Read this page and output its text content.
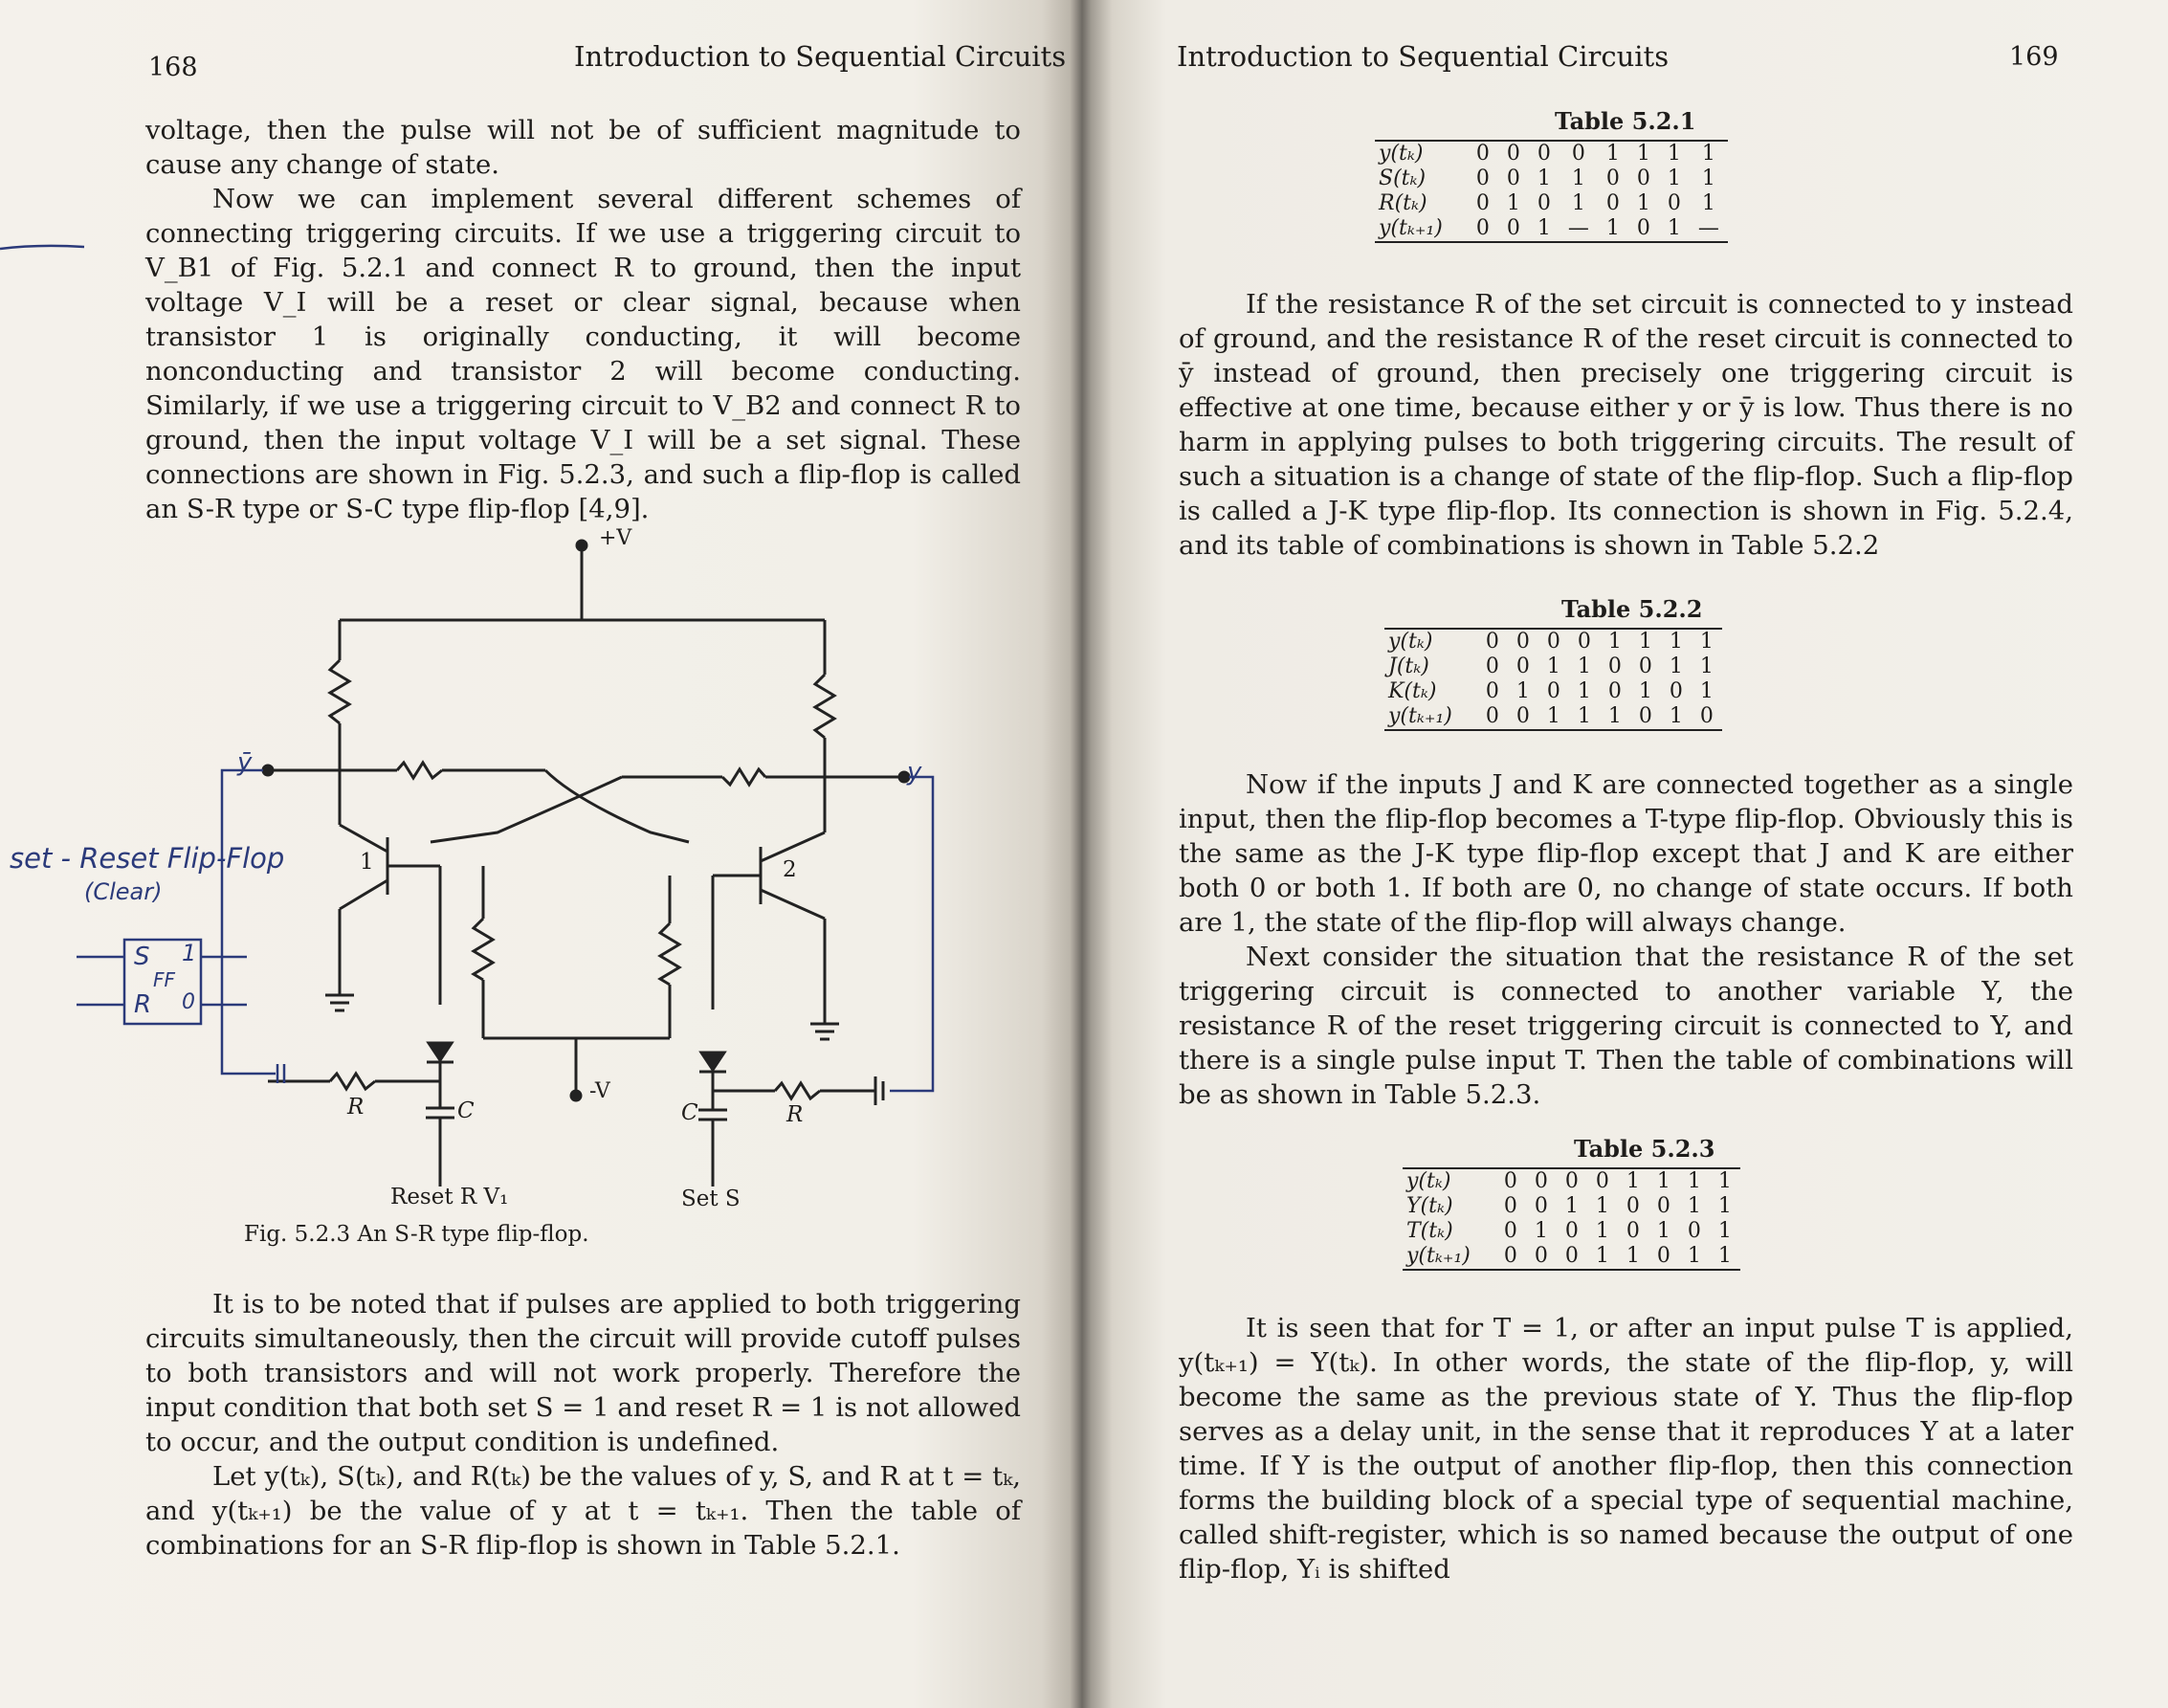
168	Introduction to Sequential Circuits

voltage, then the pulse will not be of sufficient magnitude to cause any change of state.

Now we can implement several different schemes of connecting triggering circuits. If we use a triggering circuit to V_B1 of Fig. 5.2.1 and connect R to ground, then the input voltage V_I will be a reset or clear signal, because when transistor 1 is originally conducting, it will become nonconducting and transistor 2 will become conducting. Similarly, if we use a triggering circuit to V_B2 and connect R to ground, then the input voltage V_I will be a set signal. These connections are shown in Fig. 5.2.3, and such a flip-flop is called an S-R type or S-C type flip-flop [4,9].

+V
-V
ȳ	y
1	2
R	C	C	R
Reset R V₁	Set S
Fig. 5.2.3 An S-R type flip-flop.
set - Reset Flip-Flop
(Clear)
S 1
FF
R 0

It is to be noted that if pulses are applied to both triggering circuits simultaneously, then the circuit will provide cutoff pulses to both transistors and will not work properly. Therefore the input condition that both set S = 1 and reset R = 1 is not allowed to occur, and the output condition is undefined.

Let y(tₖ), S(tₖ), and R(tₖ) be the values of y, S, and R at t = tₖ, and y(tₖ₊₁) be the value of y at t = tₖ₊₁. Then the table of combinations for an S-R flip-flop is shown in Table 5.2.1.

Introduction to Sequential Circuits	169
Table 5.2.1
y(tₖ)	0	0	0	0	1	1	1	1
S(tₖ)	0	0	1	1	0	0	1	1
R(tₖ)	0	1	0	1	0	1	0	1
y(tₖ₊₁)	0	0	1	—	1	0	1	—

If the resistance R of the set circuit is connected to y instead of ground, and the resistance R of the reset circuit is connected to ȳ instead of ground, then precisely one triggering circuit is effective at one time, because either y or ȳ is low. Thus there is no harm in applying pulses to both triggering circuits. The result of such a situation is a change of state of the flip-flop. Such a flip-flop is called a J-K type flip-flop. Its connection is shown in Fig. 5.2.4, and its table of combinations is shown in Table 5.2.2

Table 5.2.2
y(tₖ)	0	0	0	0	1	1	1	1
J(tₖ)	0	0	1	1	0	0	1	1
K(tₖ)	0	1	0	1	0	1	0	1
y(tₖ₊₁)	0	0	1	1	1	0	1	0

Now if the inputs J and K are connected together as a single input, then the flip-flop becomes a T-type flip-flop. Obviously this is the same as the J-K type flip-flop except that J and K are either both 0 or both 1. If both are 0, no change of state occurs. If both are 1, the state of the flip-flop will always change.

Next consider the situation that the resistance R of the set triggering circuit is connected to another variable Y, the resistance R of the reset triggering circuit is connected to Y, and there is a single pulse input T. Then the table of combinations will be as shown in Table 5.2.3.

Table 5.2.3
y(tₖ)	0	0	0	0	1	1	1	1
Y(tₖ)	0	0	1	1	0	0	1	1
T(tₖ)	0	1	0	1	0	1	0	1
y(tₖ₊₁)	0	0	0	1	1	0	1	1

It is seen that for T = 1, or after an input pulse T is applied, y(tₖ₊₁) = Y(tₖ). In other words, the state of the flip-flop, y, will become the same as the previous state of Y. Thus the flip-flop serves as a delay unit, in the sense that it reproduces Y at a later time. If Y is the output of another flip-flop, then this connection forms the building block of a special type of sequential machine, called shift-register, which is so named because the output of one flip-flop, Yᵢ is shifted
